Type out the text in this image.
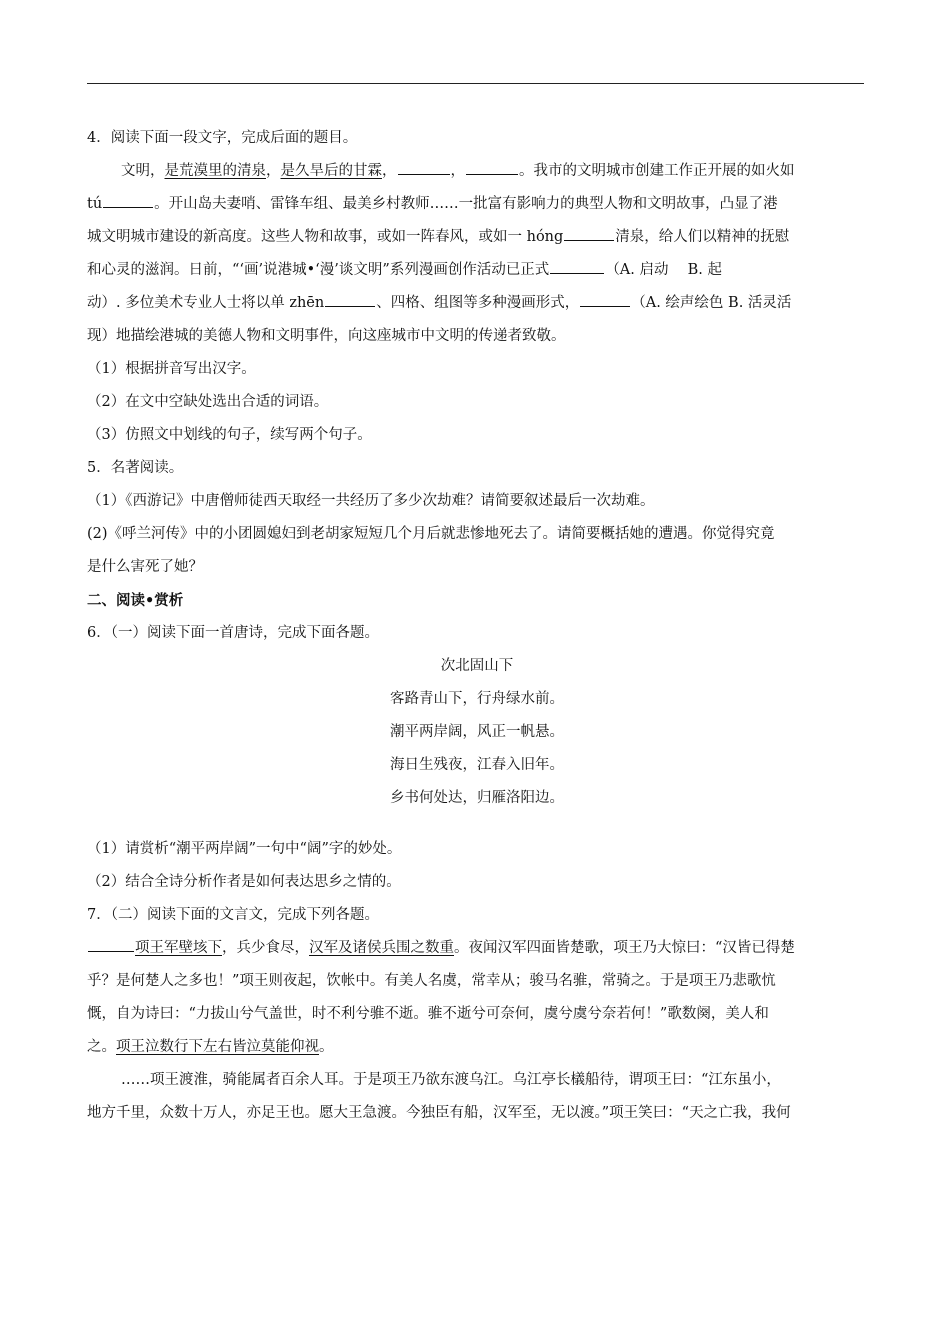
4．阅读下面一段文字，完成后面的题目。
文明，是荒漠里的清泉，是久旱后的甘霖，	，	。我市的文明城市创建工作正开展的如火如
tú	。开山岛夫妻哨、雷锋车组、最美乡村教师……一批富有影响力的典型人物和文明故事，凸显了港
城文明城市建设的新高度。这些人物和故事，或如一阵春风，或如一 hóng	清泉，给人们以精神的抚慰
和心灵的滋润。日前，“‘画’说港城•‘漫’谈文明”系列漫画创作活动已正式	（A. 启动　 B. 起
动）. 多位美术专业人士将以单 zhēn	、四格、组图等多种漫画形式，	（A. 绘声绘色 B. 活灵活
现）地描绘港城的美德人物和文明事件，向这座城市中文明的传递者致敬。
（1）根据拼音写出汉字。
（2）在文中空缺处选出合适的词语。
（3）仿照文中划线的句子，续写两个句子。
5．名著阅读。
（1）《西游记》中唐僧师徒西天取经一共经历了多少次劫难？请简要叙述最后一次劫难。
(2)《呼兰河传》中的小团圆媳妇到老胡家短短几个月后就悲惨地死去了。请简要概括她的遭遇。你觉得究竟
是什么害死了她？
二、阅读•赏析
6．（一）阅读下面一首唐诗，完成下面各题。
次北固山下
客路青山下，行舟绿水前。
潮平两岸阔，风正一帆悬。
海日生残夜，江春入旧年。
乡书何处达，归雁洛阳边。
（1）请赏析“潮平两岸阔”一句中“阔”字的妙处。
（2）结合全诗分析作者是如何表达思乡之情的。
7．（二）阅读下面的文言文，完成下列各题。
项王军壁垓下，兵少食尽，汉军及诸侯兵围之数重。夜闻汉军四面皆楚歌，项王乃大惊曰：“汉皆已得楚
乎？是何楚人之多也！”项王则夜起，饮帐中。有美人名虞，常幸从；骏马名骓，常骑之。于是项王乃悲歌忼
慨，自为诗曰：“力拔山兮气盖世，时不利兮骓不逝。骓不逝兮可奈何，虞兮虞兮奈若何！”歌数阕，美人和
之。项王泣数行下左右皆泣莫能仰视。
……项王渡淮，骑能属者百余人耳。于是项王乃欲东渡乌江。乌江亭长檥船待，谓项王曰：“江东虽小，
地方千里，众数十万人，亦足王也。愿大王急渡。今独臣有船，汉军至，无以渡。”项王笑曰：“天之亡我，我何
